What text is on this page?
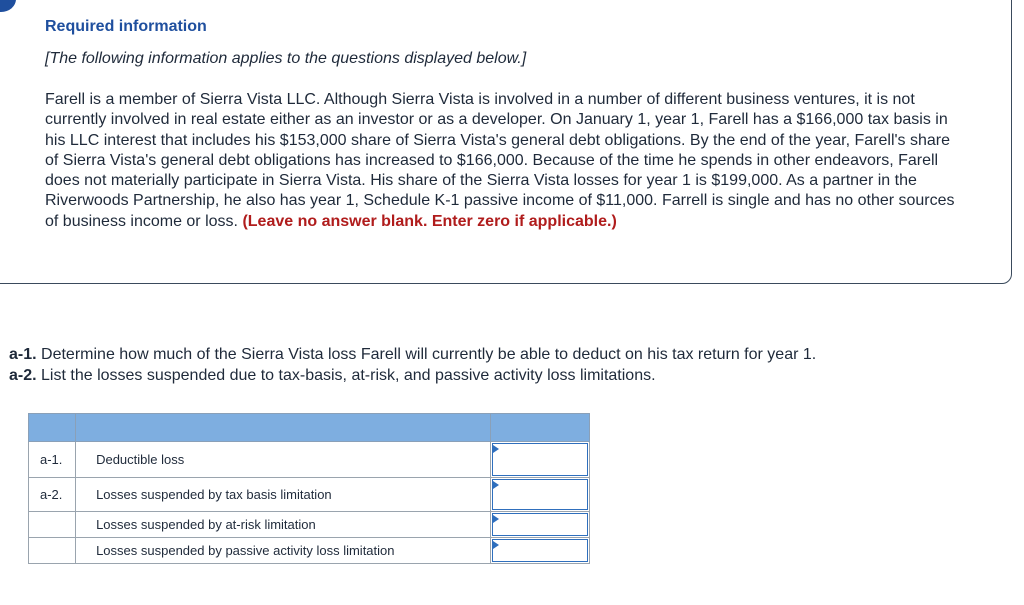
Required information
[The following information applies to the questions displayed below.]
Farell is a member of Sierra Vista LLC. Although Sierra Vista is involved in a number of different business ventures, it is not currently involved in real estate either as an investor or as a developer. On January 1, year 1, Farell has a $166,000 tax basis in his LLC interest that includes his $153,000 share of Sierra Vista's general debt obligations. By the end of the year, Farell's share of Sierra Vista's general debt obligations has increased to $166,000. Because of the time he spends in other endeavors, Farell does not materially participate in Sierra Vista. His share of the Sierra Vista losses for year 1 is $199,000. As a partner in the Riverwoods Partnership, he also has year 1, Schedule K-1 passive income of $11,000. Farrell is single and has no other sources of business income or loss. (Leave no answer blank. Enter zero if applicable.)
a-1. Determine how much of the Sierra Vista loss Farell will currently be able to deduct on his tax return for year 1.
a-2. List the losses suspended due to tax-basis, at-risk, and passive activity loss limitations.

a-1.	Deductible loss	

a-2.	Losses suspended by tax basis limitation	

	Losses suspended by at-risk limitation	

	Losses suspended by passive activity loss limitation	
